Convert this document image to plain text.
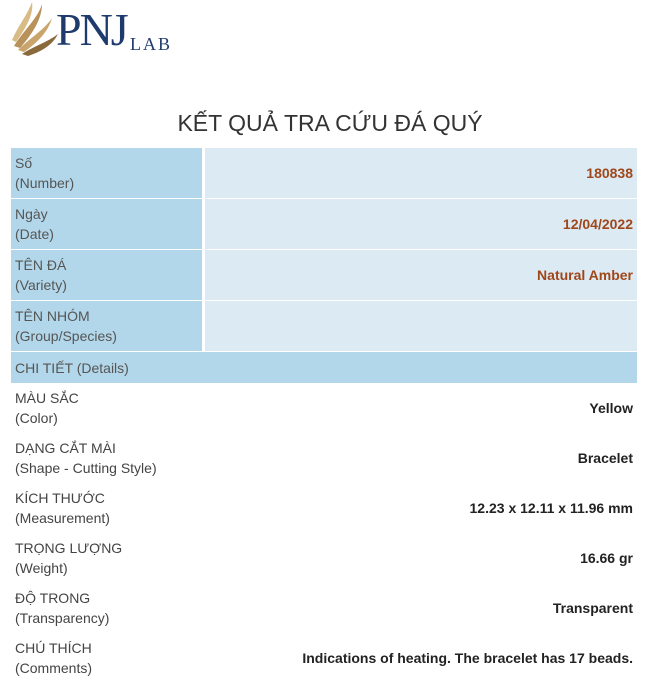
PNJ LAB
KẾT QUẢ TRA CỨU ĐÁ QUÝ
Số
(Number)	180838
Ngày
(Date)	12/04/2022
TÊN ĐÁ
(Variety)	Natural Amber
TÊN NHÓM
(Group/Species)	
CHI TIẾT (Details)	
MÀU SẮC
(Color)	Yellow
DẠNG CẮT MÀI
(Shape - Cutting Style)	Bracelet
KÍCH THƯỚC
(Measurement)	12.23 x 12.11 x 11.96 mm
TRỌNG LƯỢNG
(Weight)	16.66 gr
ĐỘ TRONG
(Transparency)	Transparent
CHÚ THÍCH
(Comments)	Indications of heating. The bracelet has 17 beads.
